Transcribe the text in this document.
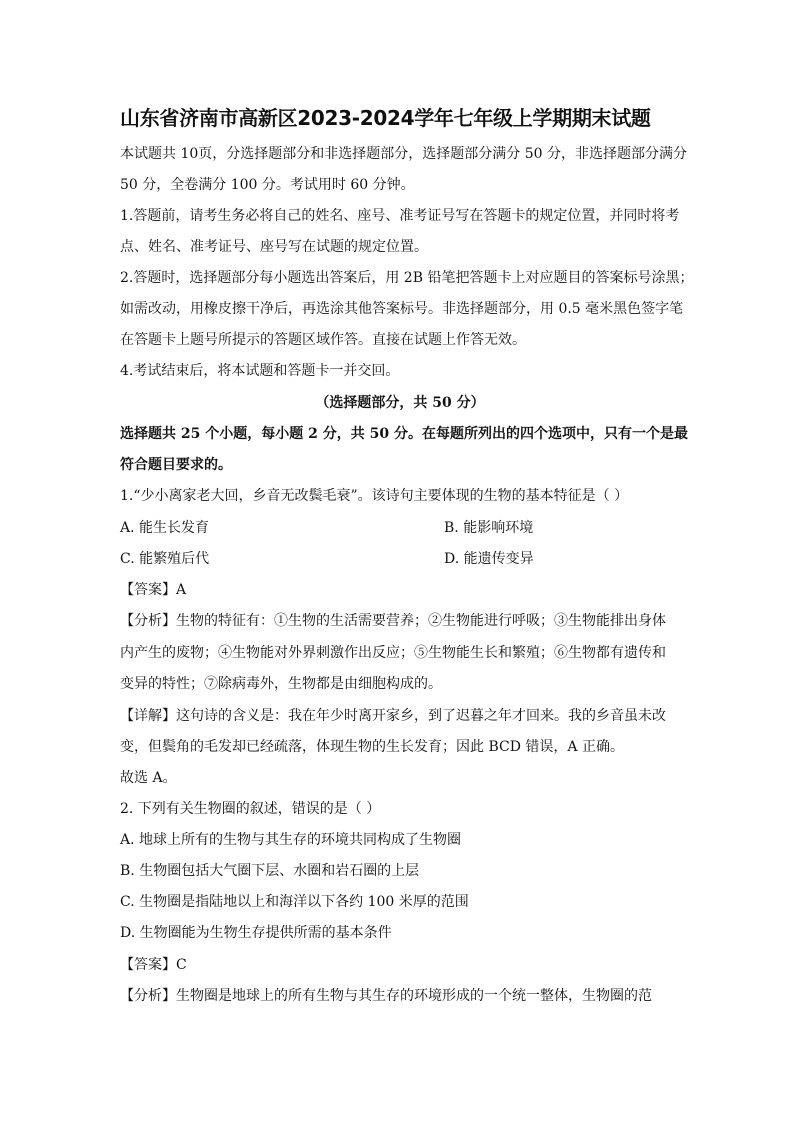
山东省济南市高新区2023-2024学年七年级上学期期末试题
本试题共 10页，分选择题部分和非选择题部分，选择题部分满分 50 分，非选择题部分满分
50 分，全卷满分 100 分。考试用时 60 分钟。
1.答题前，请考生务必将自己的姓名、座号、准考证号写在答题卡的规定位置，并同时将考
点、姓名、准考证号、座号写在试题的规定位置。
2.答题时，选择题部分每小题选出答案后，用 2B 铅笔把答题卡上对应题目的答案标号涂黑；
如需改动，用橡皮擦干净后，再选涂其他答案标号。非选择题部分，用 0.5 毫米黑色签字笔
在答题卡上题号所提示的答题区域作答。直接在试题上作答无效。
4.考试结束后，将本试题和答题卡一并交回。
（选择题部分，共 50 分）
选择题共 25 个小题，每小题 2 分，共 50 分。在每题所列出的四个选项中，只有一个是最
符合题目要求的。
1.“少小离家老大回，乡音无改鬓毛衰”。该诗句主要体现的生物的基本特征是（ ）
A. 能生长发育	B. 能影响环境
C. 能繁殖后代	D. 能遗传变异
【答案】A
【分析】生物的特征有：①生物的生活需要营养；②生物能进行呼吸；③生物能排出身体
内产生的废物；④生物能对外界刺激作出反应；⑤生物能生长和繁殖；⑥生物都有遗传和
变异的特性；⑦除病毒外，生物都是由细胞构成的。
【详解】这句诗的含义是：我在年少时离开家乡，到了迟暮之年才回来。我的乡音虽未改
变，但鬓角的毛发却已经疏落，体现生物的生长发育；因此 BCD 错误，A 正确。
故选 A。
2. 下列有关生物圈的叙述，错误的是（ ）
A. 地球上所有的生物与其生存的环境共同构成了生物圈
B. 生物圈包括大气圈下层、水圈和岩石圈的上层
C. 生物圈是指陆地以上和海洋以下各约 100 米厚的范围
D. 生物圈能为生物生存提供所需的基本条件
【答案】C
【分析】生物圈是地球上的所有生物与其生存的环境形成的一个统一整体，生物圈的范
